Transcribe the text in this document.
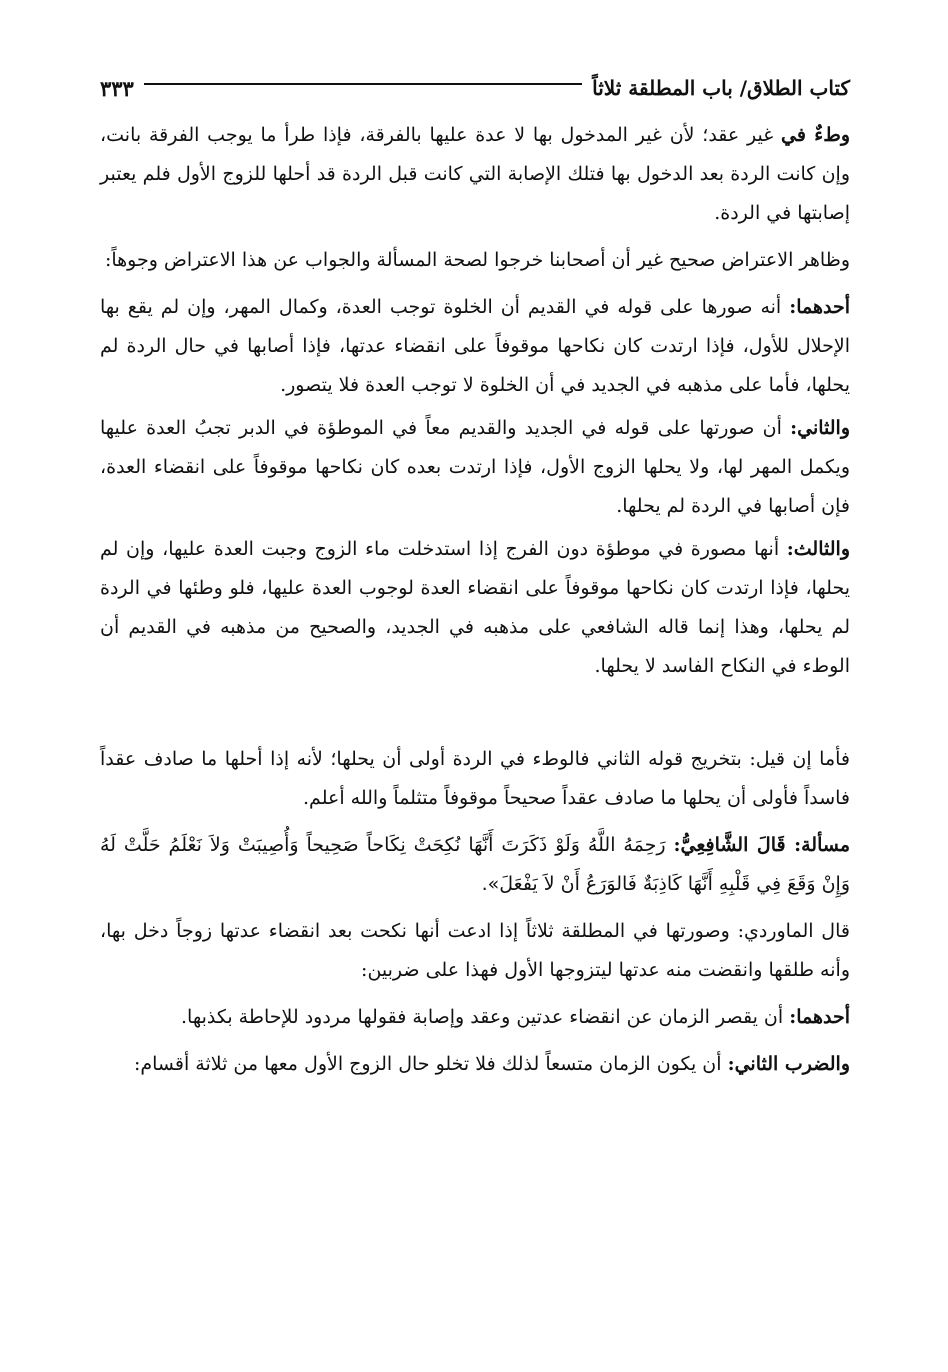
كتاب الطلاق/ باب المطلقة ثلاثاً
٣٣٣

وطءٌ في غير عقد؛ لأن غير المدخول بها لا عدة عليها بالفرقة، فإذا طرأ ما يوجب الفرقة بانت، وإن كانت الردة بعد الدخول بها فتلك الإصابة التي كانت قبل الردة قد أحلها للزوج الأول فلم يعتبر إصابتها في الردة.

وظاهر الاعتراض صحيح غير أن أصحابنا خرجوا لصحة المسألة والجواب عن هذا الاعتراض وجوهاً:

أحدهما: أنه صورها على قوله في القديم أن الخلوة توجب العدة، وكمال المهر، وإن لم يقع بها الإحلال للأول، فإذا ارتدت كان نكاحها موقوفاً على انقضاء عدتها، فإذا أصابها في حال الردة لم يحلها، فأما على مذهبه في الجديد في أن الخلوة لا توجب العدة فلا يتصور.

والثاني: أن صورتها على قوله في الجديد والقديم معاً في الموطؤة في الدبر تجبُ العدة عليها ويكمل المهر لها، ولا يحلها الزوج الأول، فإذا ارتدت بعده كان نكاحها موقوفاً على انقضاء العدة، فإن أصابها في الردة لم يحلها.

والثالث: أنها مصورة في موطؤة دون الفرج إذا استدخلت ماء الزوج وجبت العدة عليها، وإن لم يحلها، فإذا ارتدت كان نكاحها موقوفاً على انقضاء العدة لوجوب العدة عليها، فلو وطئها في الردة لم يحلها، وهذا إنما قاله الشافعي على مذهبه في الجديد، والصحيح من مذهبه في القديم أن الوطء في النكاح الفاسد لا يحلها.

فأما إن قيل: بتخريج قوله الثاني فالوطء في الردة أولى أن يحلها؛ لأنه إذا أحلها ما صادف عقداً فاسداً فأولى أن يحلها ما صادف عقداً صحيحاً موقوفاً متثلماً والله أعلم.

مسألة: قَالَ الشَّافِعِيُّ: رَحِمَهُ اللَّهُ وَلَوْ ذَكَرَتَ أَنَّهَا نُكِحَتْ نِكَاحاً صَحِيحاً وَأُصِيبَتْ وَلاَ نَعْلَمُ حَلَّتْ لَهُ وَإِنْ وَقَعَ فِي قَلْبِهِ أَنَّهَا كَاذِبَةٌ فَالوَرَعُ أَنْ لاَ يَفْعَلَ».

قال الماوردي: وصورتها في المطلقة ثلاثاً إذا ادعت أنها نكحت بعد انقضاء عدتها زوجاً دخل بها، وأنه طلقها وانقضت منه عدتها ليتزوجها الأول فهذا على ضربين:

أحدهما: أن يقصر الزمان عن انقضاء عدتين وعقد وإصابة فقولها مردود للإحاطة بكذبها.

والضرب الثاني: أن يكون الزمان متسعاً لذلك فلا تخلو حال الزوج الأول معها من ثلاثة أقسام:
